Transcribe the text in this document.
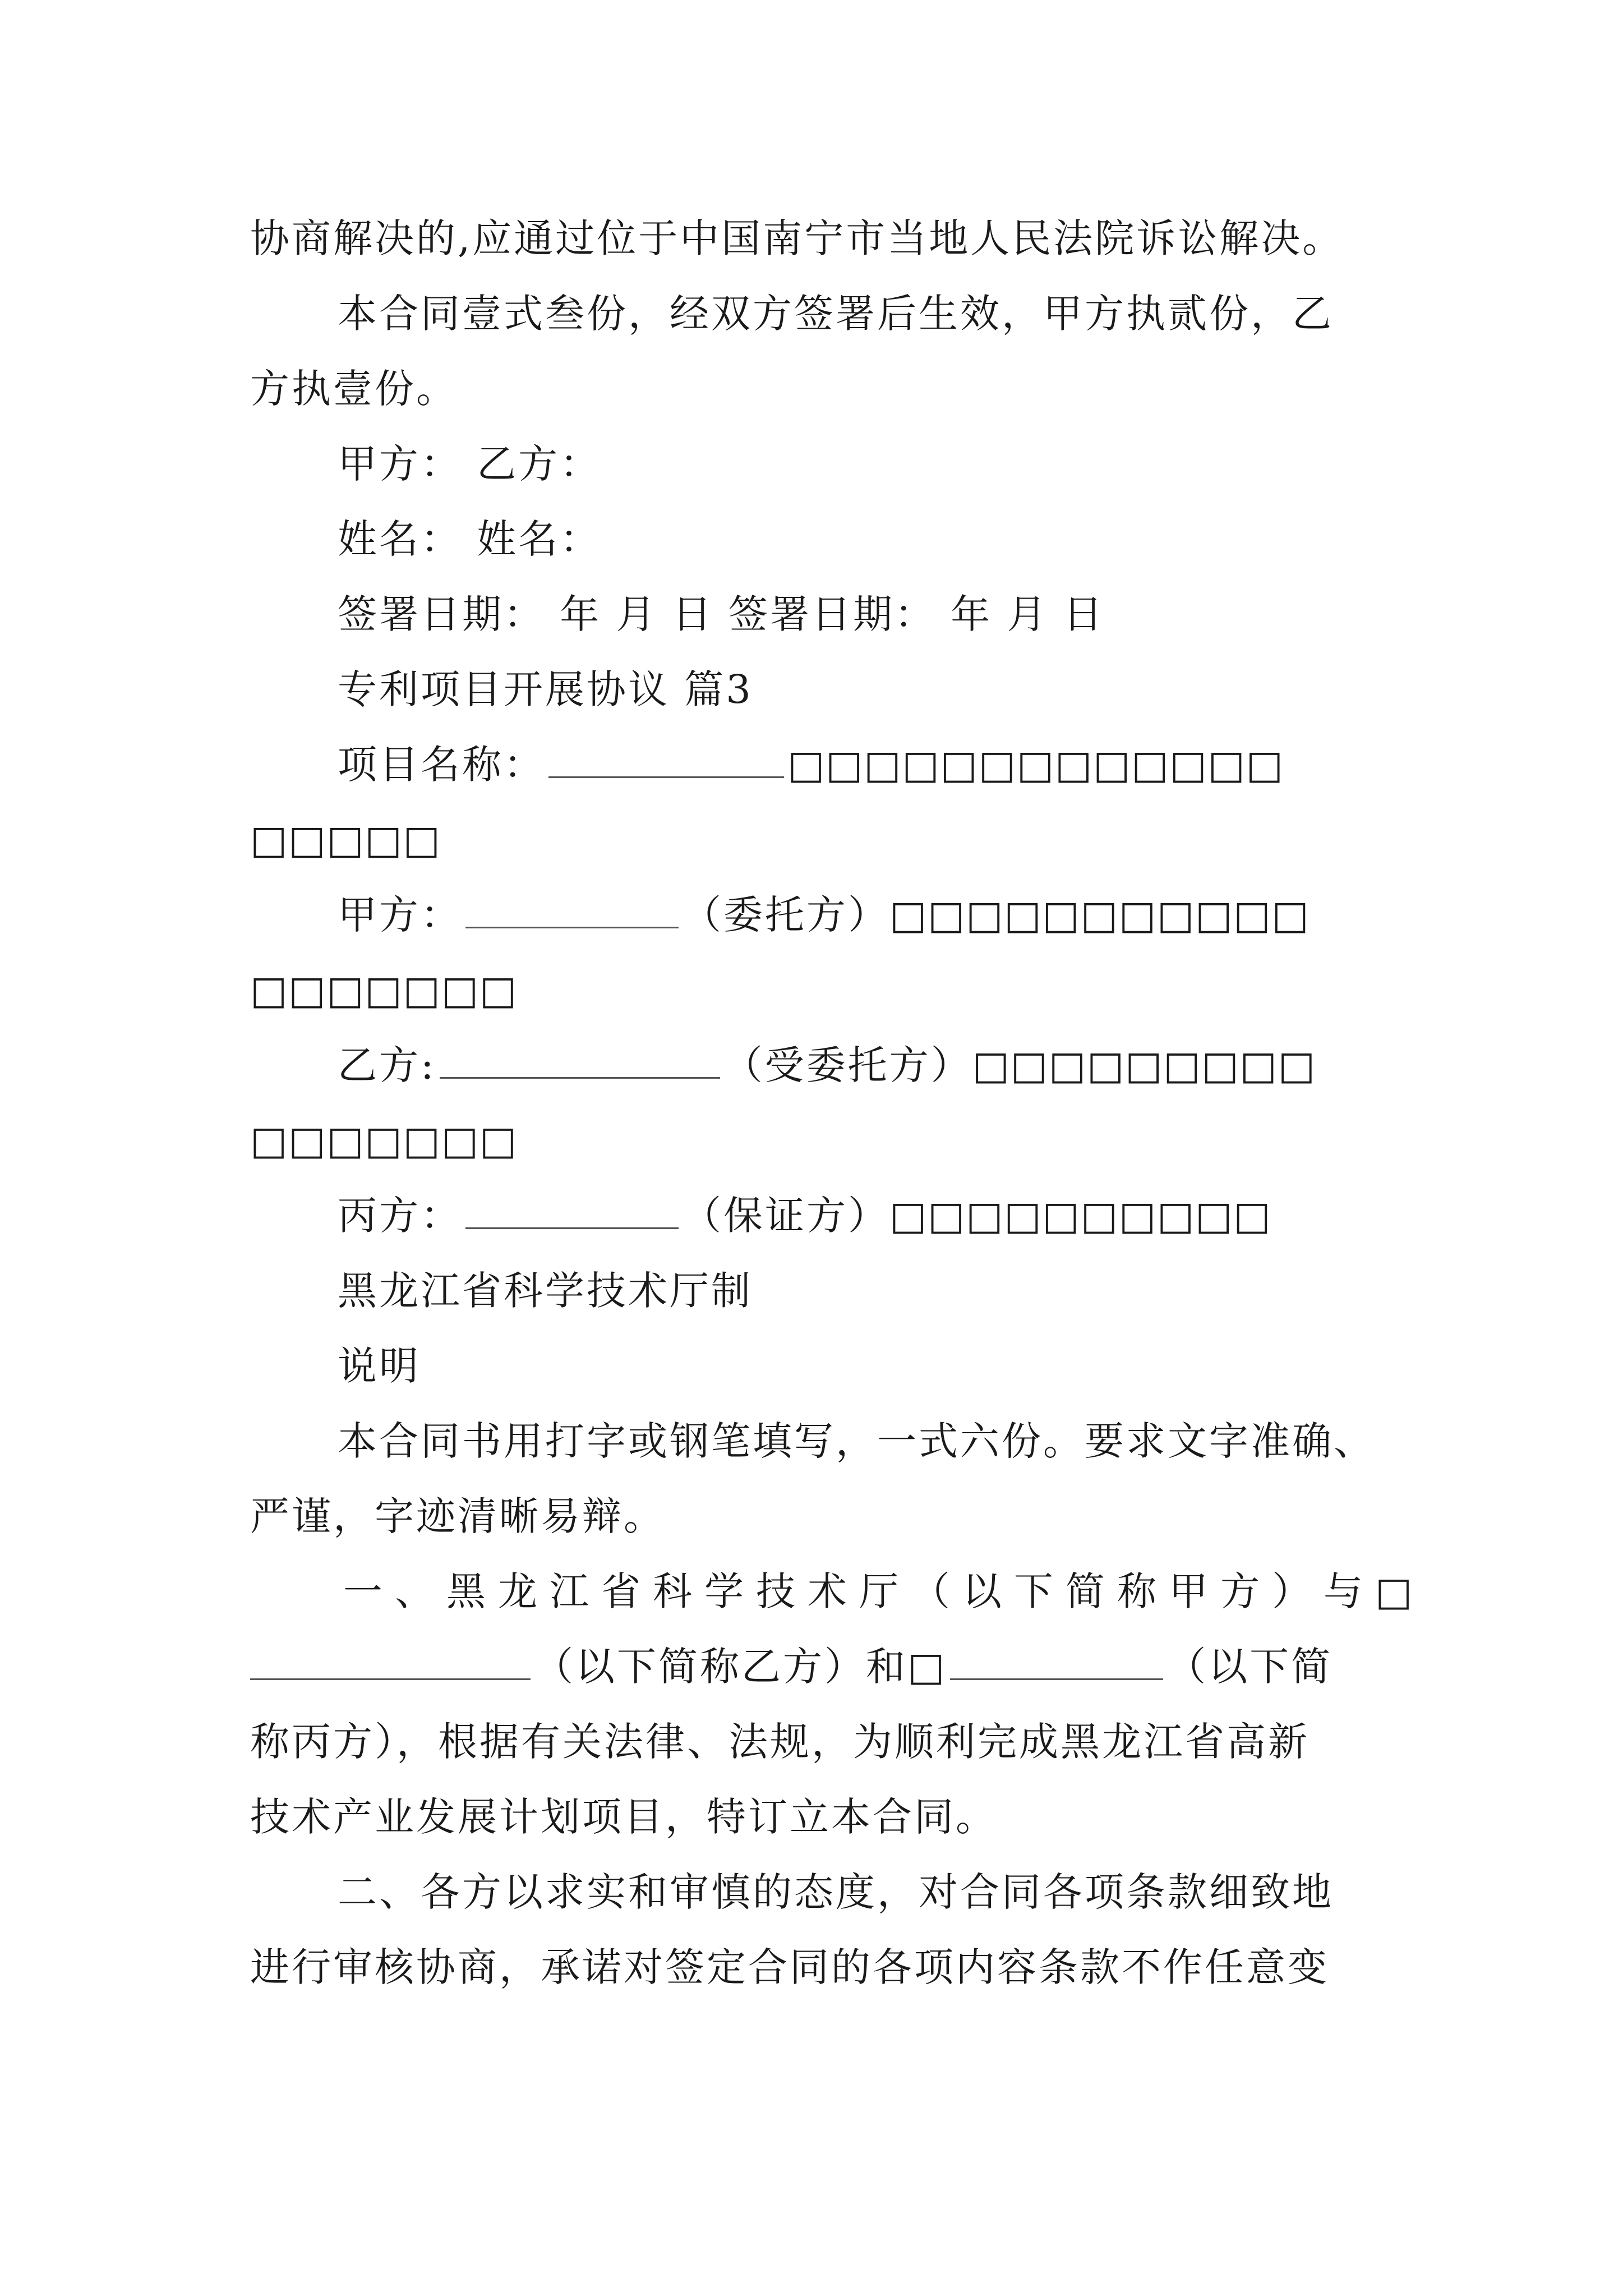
协商解决的,应通过位于中国南宁市当地人民法院诉讼解决。
本合同壹式叁份，经双方签署后生效，甲方执贰份，乙
方执壹份。
甲方： 乙方：
姓名： 姓名：
签署日期： 年 月 日 签署日期： 年 月 日
专利项目开展协议 篇3
项目名称：	□□□□□□□□□□□□□
□□□□□
甲方：	（委托方）□□□□□□□□□□□
□□□□□□□
乙方:	（受委托方）□□□□□□□□□
□□□□□□□
丙方：	（保证方）□□□□□□□□□□
黑龙江省科学技术厅制
说明
本合同书用打字或钢笔填写，一式六份。要求文字准确、
严谨，字迹清晰易辩。
一、黑龙江省科学技术厅（以下简称甲方）与□
（以下简称乙方）和□	（以下简
称丙方），根据有关法律、法规，为顺利完成黑龙江省高新
技术产业发展计划项目，特订立本合同。
二、各方以求实和审慎的态度，对合同各项条款细致地
进行审核协商，承诺对签定合同的各项内容条款不作任意变
